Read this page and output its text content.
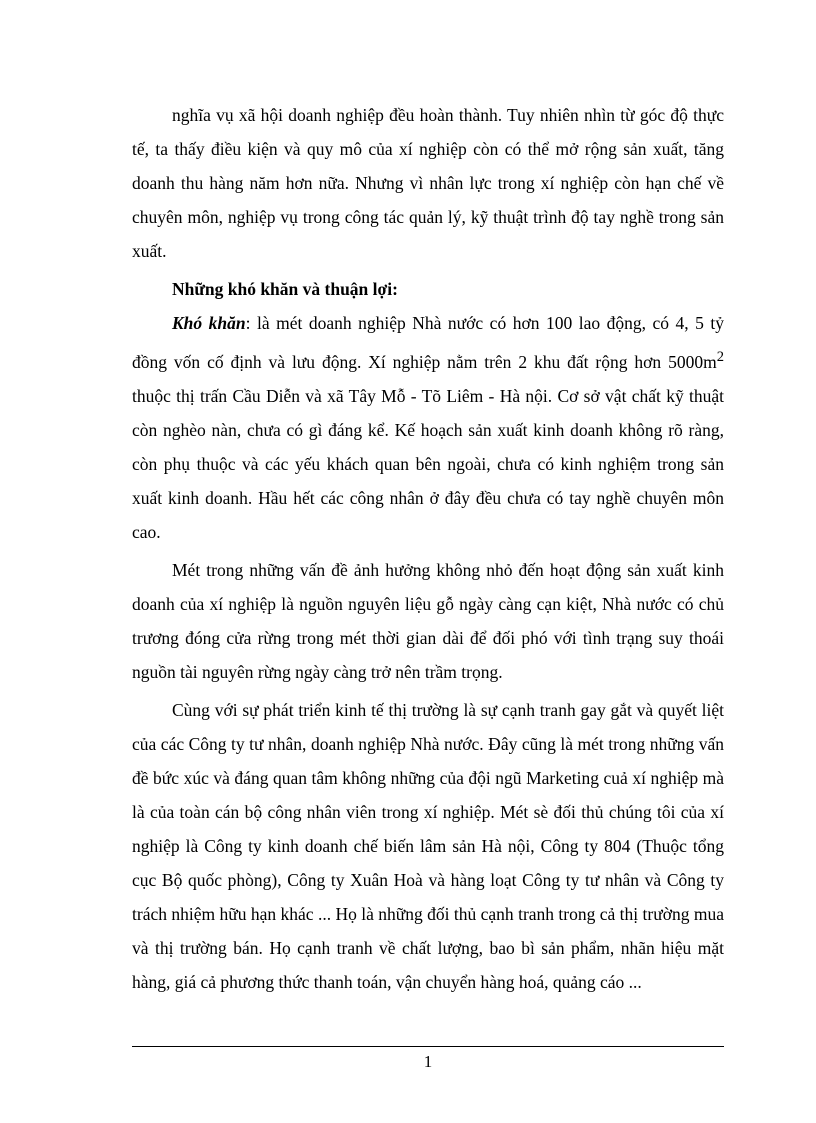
nghĩa vụ xã hội doanh nghiệp đều hoàn thành. Tuy nhiên nhìn từ góc độ thực tế, ta thấy điều kiện và quy mô của xí nghiệp còn có thể mở rộng sản xuất, tăng doanh thu hàng năm hơn nữa. Nhưng vì nhân lực trong xí nghiệp còn hạn chế về chuyên môn, nghiệp vụ trong công tác quản lý, kỹ thuật trình độ tay nghề trong sản xuất.

Những khó khăn và thuận lợi:

Khó khăn: là mét doanh nghiệp Nhà nước có hơn 100 lao động, có 4, 5 tỷ đồng vốn cố định và lưu động. Xí nghiệp nằm trên 2 khu đất rộng hơn $5000m^2$ thuộc thị trấn Cầu Diễn và xã Tây Mỗ - Tõ Liêm - Hà nội. Cơ sở vật chất kỹ thuật còn nghèo nàn, chưa có gì đáng kể. Kế hoạch sản xuất kinh doanh không rõ ràng, còn phụ thuộc và các yếu khách quan bên ngoài, chưa có kinh nghiệm trong sản xuất kinh doanh. Hầu hết các công nhân ở đây đều chưa có tay nghề chuyên môn cao.

Mét trong những vấn đề ảnh hưởng không nhỏ đến hoạt động sản xuất kinh doanh của xí nghiệp là nguồn nguyên liệu gỗ ngày càng cạn kiệt, Nhà nước có chủ trương đóng cửa rừng trong mét thời gian dài để đối phó với tình trạng suy thoái nguồn tài nguyên rừng ngày càng trở nên trầm trọng.

Cùng với sự phát triển kinh tế thị trường là sự cạnh tranh gay gắt và quyết liệt của các Công ty tư nhân, doanh nghiệp Nhà nước. Đây cũng là mét trong những vấn đề bức xúc và đáng quan tâm không những của đội ngũ Marketing cuả xí nghiệp mà là của toàn cán bộ công nhân viên trong xí nghiệp. Mét sè đối thủ chúng tôi của xí nghiệp là Công ty kinh doanh chế biến lâm sản Hà nội, Công ty 804 (Thuộc tổng cục Bộ quốc phòng), Công ty Xuân Hoà và hàng loạt Công ty tư nhân và Công ty trách nhiệm hữu hạn khác ... Họ là những đối thủ cạnh tranh trong cả thị trường mua và thị trường bán. Họ cạnh tranh về chất lượng, bao bì sản phẩm, nhãn hiệu mặt hàng, giá cả phương thức thanh toán, vận chuyển hàng hoá, quảng cáo ...

1
